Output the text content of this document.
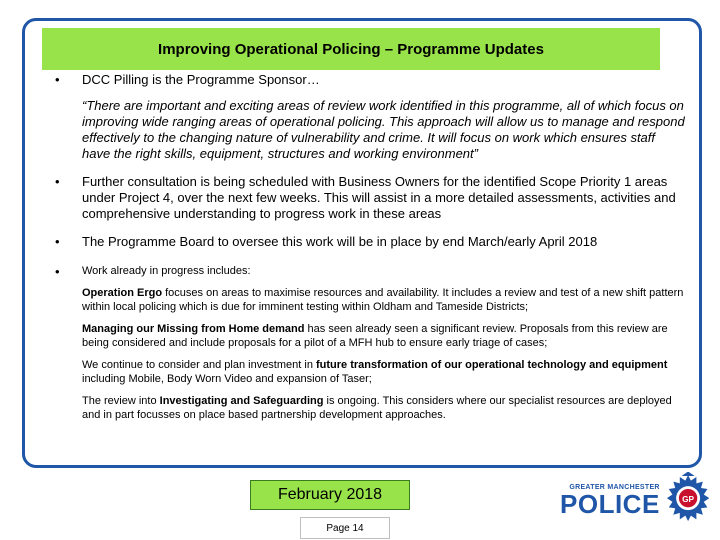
Improving Operational Policing – Programme Updates
•	DCC Pilling is the Programme Sponsor…
“There are important and exciting areas of review work identified in this programme, all of which focus on improving wide ranging areas of operational policing. This approach will allow us to manage and respond effectively to the changing nature of vulnerability and crime. It will focus on work which ensures staff have the right skills, equipment, structures and working environment”
•	Further consultation is being scheduled with Business Owners for the identified Scope Priority 1 areas under Project 4, over the next few weeks. This will assist in a more detailed assessments, activities and comprehensive understanding to progress work in these areas
•	The Programme Board to oversee this work will be in place by end March/early April 2018
•	Work already in progress includes:
Operation Ergo focuses on areas to maximise resources and availability. It includes a review and test of a new shift pattern within local policing which is due for imminent testing within Oldham and Tameside Districts;
Managing our Missing from Home demand has seen already seen a significant review. Proposals from this review are being considered and include proposals for a pilot of a MFH hub to ensure early triage of cases;
We continue to consider and plan investment in future transformation of our operational technology and equipment including Mobile, Body Worn Video and expansion of Taser;
The review into Investigating and Safeguarding is ongoing. This considers where our specialist resources are deployed and in part focusses on place based partnership development approaches.
February 2018
Page 14
GREATER MANCHESTER
POLICE GP
